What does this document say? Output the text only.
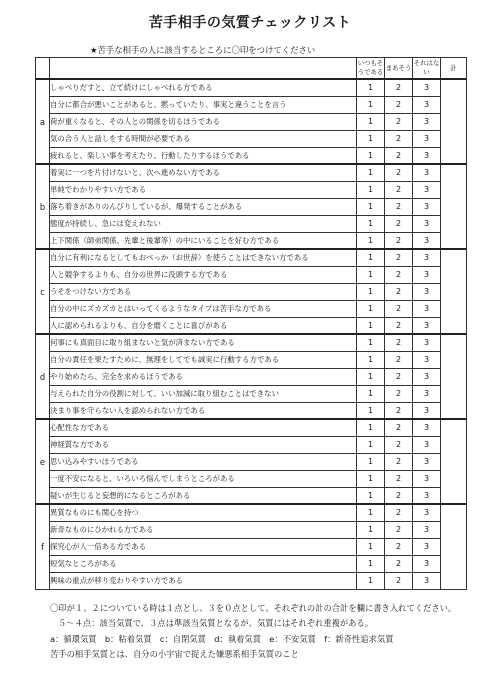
苦手相手の気質チェックリスト
★苦手な相手の人に該当するところに〇印をつけてください
		いつもそうである	まあそう	それはない	計
a	しゃべりだすと、立て続けにしゃべれる方である	1	2	3	
	自分に都合が悪いことがあると、黙っていたり、事実と違うことを言う	1	2	3	
	荷が重くなると、その人との関係を切るほうである	1	2	3	
	気の合う人と話しをする時間が必要である	1	2	3	
	疲れると、楽しい事を考えたり、行動したりするほうである	1	2	3	
b	着実に一つを片付けないと、次へ進めない方である	1	2	3	
	単純でわかりやすい方である	1	2	3	
	落ち着きがありのんびりしているが、爆発することがある	1	2	3	
	態度が持続し、急には変えれない	1	2	3	
	上下関係（師弟関係、先輩と後輩等）の中にいることを好む方である	1	2	3	
c	自分に有利になるとしてもおべっか（お世辞）を使うことはできない方である	1	2	3	
	人と競争するよりも、自分の世界に没頭する方である	1	2	3	
	うそをつけない方である	1	2	3	
	自分の中にズカズカとはいってくるようなタイプは苦手な方である	1	2	3	
	人に認められるよりも、自分を磨くことに喜びがある	1	2	3	
d	何事にも真面目に取り組まないと気が済まない方である	1	2	3	
	自分の責任を果たすために、無理をしてでも誠実に行動する方である	1	2	3	
	やり始めたら、完全を求めるほうである	1	2	3	
	与えられた自分の役割に対して、いい加減に取り組むことはできない	1	2	3	
	決まり事を守らない人を認められない方である	1	2	3	
e	心配性な方である	1	2	3	
	神経質な方である	1	2	3	
	思い込みやすいほうである	1	2	3	
	一度不安になると、いろいろ悩んでしまうところがある	1	2	3	
	疑いが生じると妄想的になるところがある	1	2	3	
f	異質なものにも関心を持つ	1	2	3	
	新奇なものにひかれる方である	1	2	3	
	探究心が人一倍ある方である	1	2	3	
	短気なところがある	1	2	3	
	興味の重点が移り変わりやすい方である	1	2	3	
〇印が１、２についている時は１点とし、３を０点として、それぞれの計の合計を欄に書き入れてください。
５～４点：該当気質で、３点は準該当気質となるが、気質にはそれぞれ重複がある。
a：循環気質　b：粘着気質　c：自閉気質　d：執着気質　e：不安気質　f：新奇性追求気質
苦手の相手気質とは、自分の小宇宙で捉えた嫌悪系相手気質のこと
